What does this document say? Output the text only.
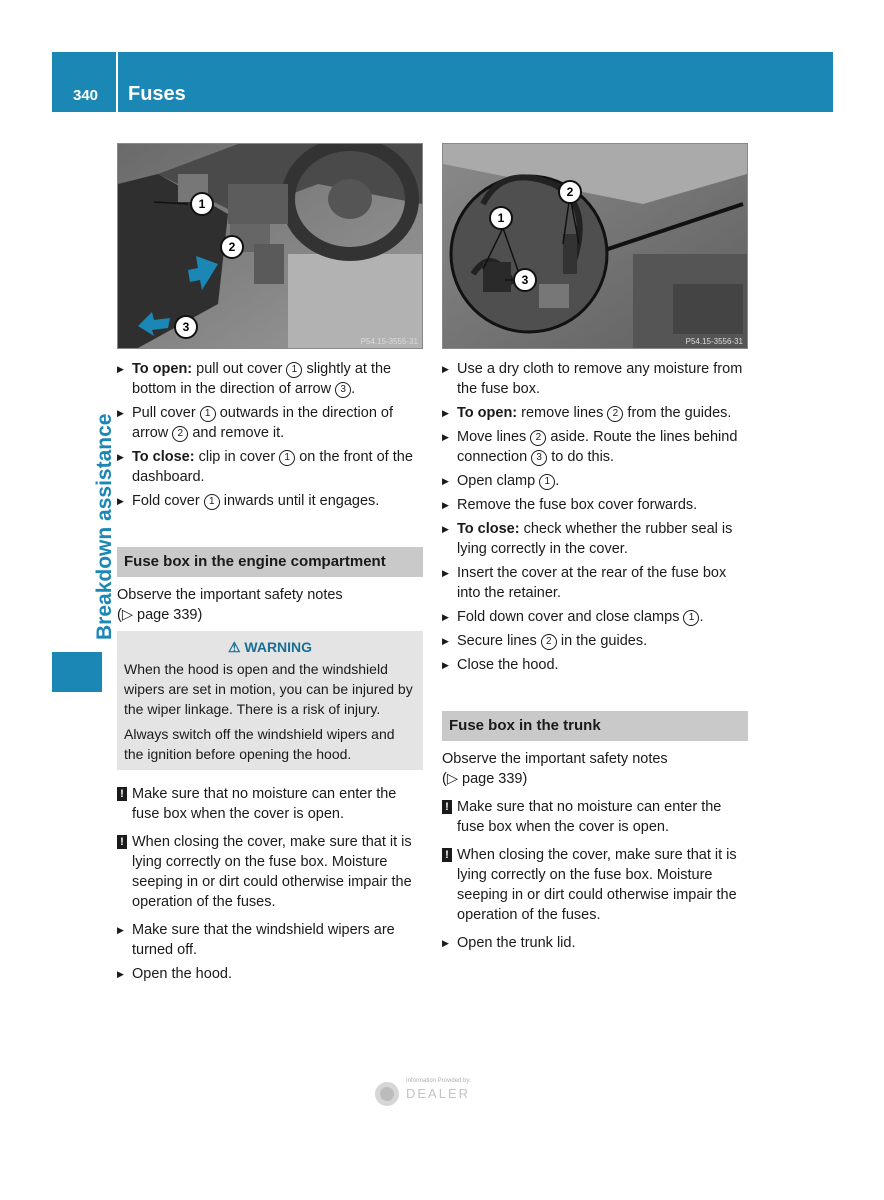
340 Fuses
Breakdown assistance
1
2
3
P54.15-3555-31
1
2
3
P54.15-3556-31
▶ To open: pull out cover 1 slightly at the bottom in the direction of arrow 3 .
▶ Pull cover 1 outwards in the direction of arrow 2 and remove it.
▶ To close: clip in cover 1 on the front of the dashboard.
▶ Fold cover 1 inwards until it engages.
Fuse box in the engine compartment
Observe the important safety notes
(▷ page 339)
⚠ WARNING
When the hood is open and the windshield wipers are set in motion, you can be injured by the wiper linkage. There is a risk of injury.
Always switch off the windshield wipers and the ignition before opening the hood.
! Make sure that no moisture can enter the fuse box when the cover is open.
! When closing the cover, make sure that it is lying correctly on the fuse box. Moisture seeping in or dirt could otherwise impair the operation of the fuses.
▶ Make sure that the windshield wipers are turned off.
▶ Open the hood.
▶ Use a dry cloth to remove any moisture from the fuse box.
▶ To open: remove lines 2 from the guides.
▶ Move lines 2 aside. Route the lines behind connection 3 to do this.
▶ Open clamp 1 .
▶ Remove the fuse box cover forwards.
▶ To close: check whether the rubber seal is lying correctly in the cover.
▶ Insert the cover at the rear of the fuse box into the retainer.
▶ Fold down cover and close clamps 1 .
▶ Secure lines 2 in the guides.
▶ Close the hood.
Fuse box in the trunk
Observe the important safety notes
(▷ page 339)
! Make sure that no moisture can enter the fuse box when the cover is open.
! When closing the cover, make sure that it is lying correctly on the fuse box. Moisture seeping in or dirt could otherwise impair the operation of the fuses.
▶ Open the trunk lid.
Information Provided by:
DEALER
